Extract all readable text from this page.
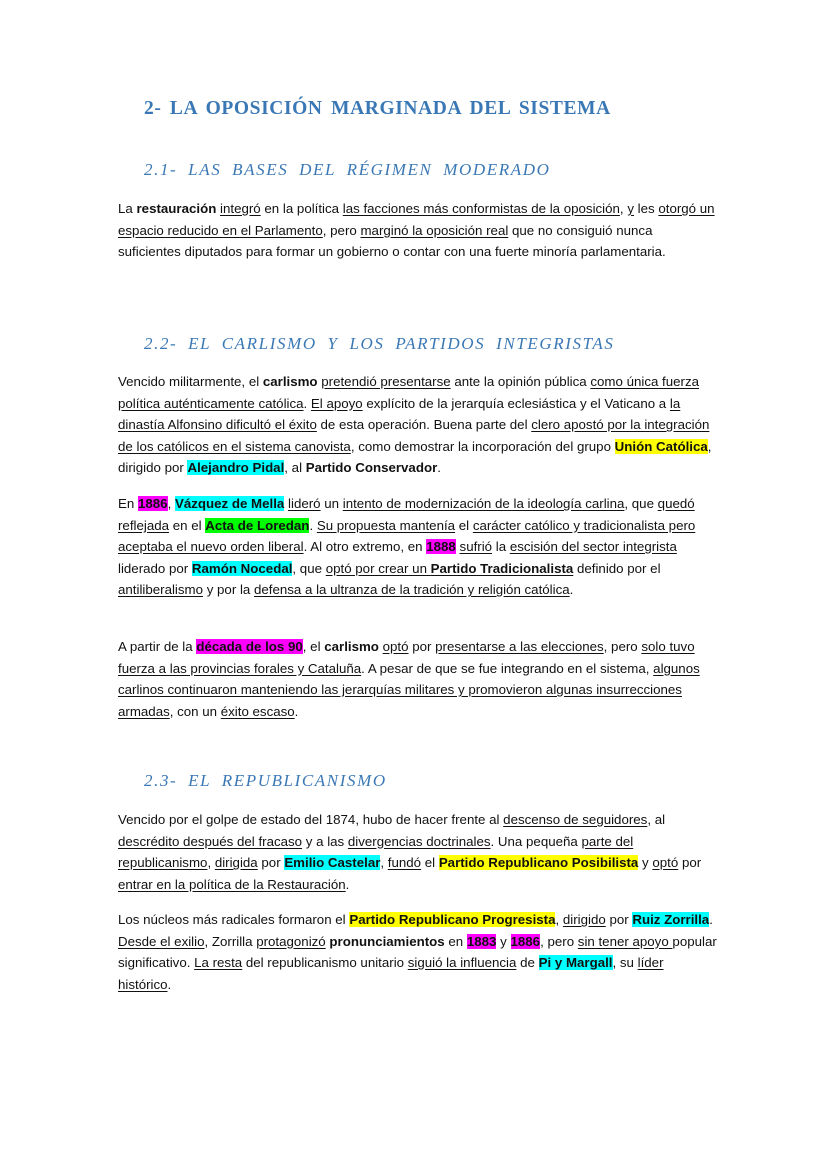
2- LA OPOSICIÓN MARGINADA DEL SISTEMA
2.1- LAS BASES DEL RÉGIMEN MODERADO

La restauración integró en la política las facciones más conformistas de la oposición, y les otorgó un espacio reducido en el Parlamento, pero marginó la oposición real que no consiguió nunca suficientes diputados para formar un gobierno o contar con una fuerte minoría parlamentaria.

2.2- EL CARLISMO Y LOS PARTIDOS INTEGRISTAS

Vencido militarmente, el carlismo pretendió presentarse ante la opinión pública como única fuerza política auténticamente católica. El apoyo explícito de la jerarquía eclesiástica y el Vaticano a la dinastía Alfonsino dificultó el éxito de esta operación. Buena parte del clero apostó por la integración de los católicos en el sistema canovista, como demostrar la incorporación del grupo Unión Católica, dirigido por Alejandro Pidal, al Partido Conservador.

En 1886, Vázquez de Mella lideró un intento de modernización de la ideología carlina, que quedó reflejada en el Acta de Loredan. Su propuesta mantenía el carácter católico y tradicionalista pero aceptaba el nuevo orden liberal. Al otro extremo, en 1888 sufrió la escisión del sector integrista liderado por Ramón Nocedal, que optó por crear un Partido Tradicionalista definido por el antiliberalismo y por la defensa a la ultranza de la tradición y religión católica.

A partir de la década de los 90, el carlismo optó por presentarse a las elecciones, pero solo tuvo fuerza a las provincias forales y Cataluña. A pesar de que se fue integrando en el sistema, algunos carlinos continuaron manteniendo las jerarquías militares y promovieron algunas insurrecciones armadas, con un éxito escaso.

2.3- EL REPUBLICANISMO

Vencido por el golpe de estado del 1874, hubo de hacer frente al descenso de seguidores, al descrédito después del fracaso y a las divergencias doctrinales. Una pequeña parte del republicanismo, dirigida por Emilio Castelar, fundó el Partido Republicano Posibilista y optó por entrar en la política de la Restauración.

Los núcleos más radicales formaron el Partido Republicano Progresista, dirigido por Ruiz Zorrilla. Desde el exilio, Zorrilla protagonizó pronunciamientos en 1883 y 1886, pero sin tener apoyo popular significativo. La resta del republicanismo unitario siguió la influencia de Pi y Margall, su líder histórico.
